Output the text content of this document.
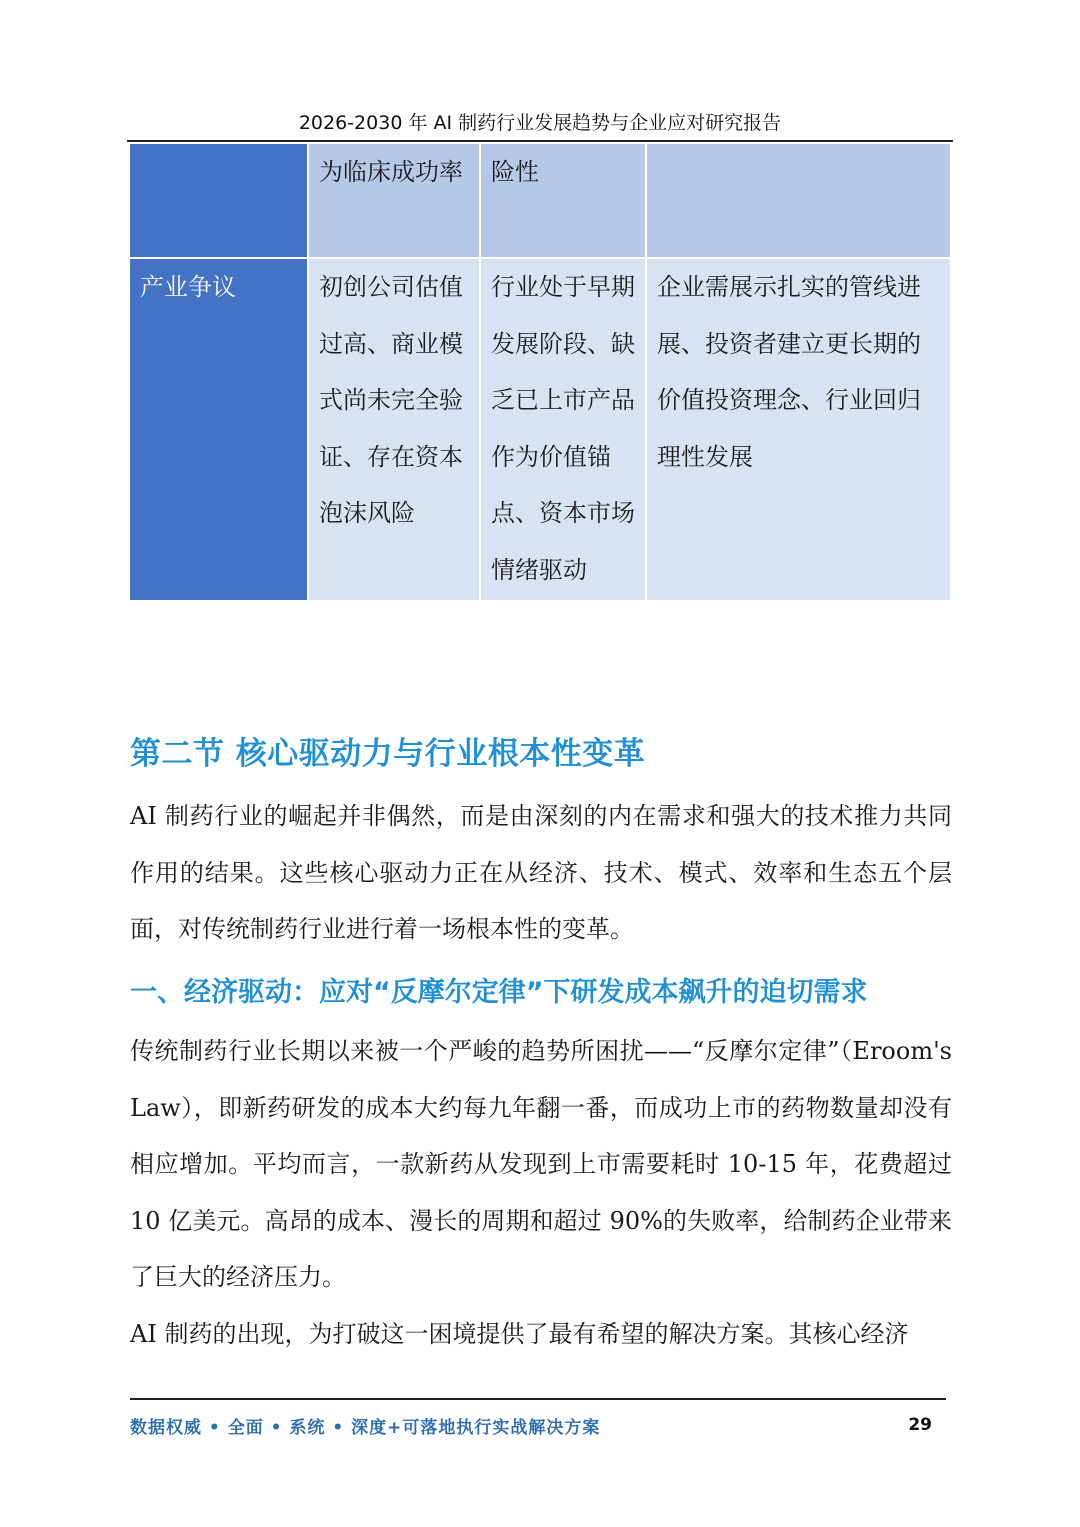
2026-2030 年 AI 制药行业发展趋势与企业应对研究报告
	为临床成功率	险性	
产业争议	初创公司估值过高、商业模式尚未完全验证、存在资本泡沫风险	行业处于早期发展阶段、缺乏已上市产品作为价值锚点、资本市场情绪驱动	企业需展示扎实的管线进展、投资者建立更长期的价值投资理念、行业回归理性发展
第二节 核心驱动力与行业根本性变革

AI 制药行业的崛起并非偶然，而是由深刻的内在需求和强大的技术推力共同作用的结果。这些核心驱动力正在从经济、技术、模式、效率和生态五个层面，对传统制药行业进行着一场根本性的变革。

一、经济驱动：应对“反摩尔定律”下研发成本飙升的迫切需求

传统制药行业长期以来被一个严峻的趋势所困扰——“反摩尔定律”（Eroom's Law），即新药研发的成本大约每九年翻一番，而成功上市的药物数量却没有相应增加。平均而言，一款新药从发现到上市需要耗时 10-15 年，花费超过 10 亿美元。高昂的成本、漫长的周期和超过 90%的失败率，给制药企业带来了巨大的经济压力。

AI 制药的出现，为打破这一困境提供了最有希望的解决方案。其核心经济

数据权威 • 全面 • 系统 • 深度+可落地执行实战解决方案	29
